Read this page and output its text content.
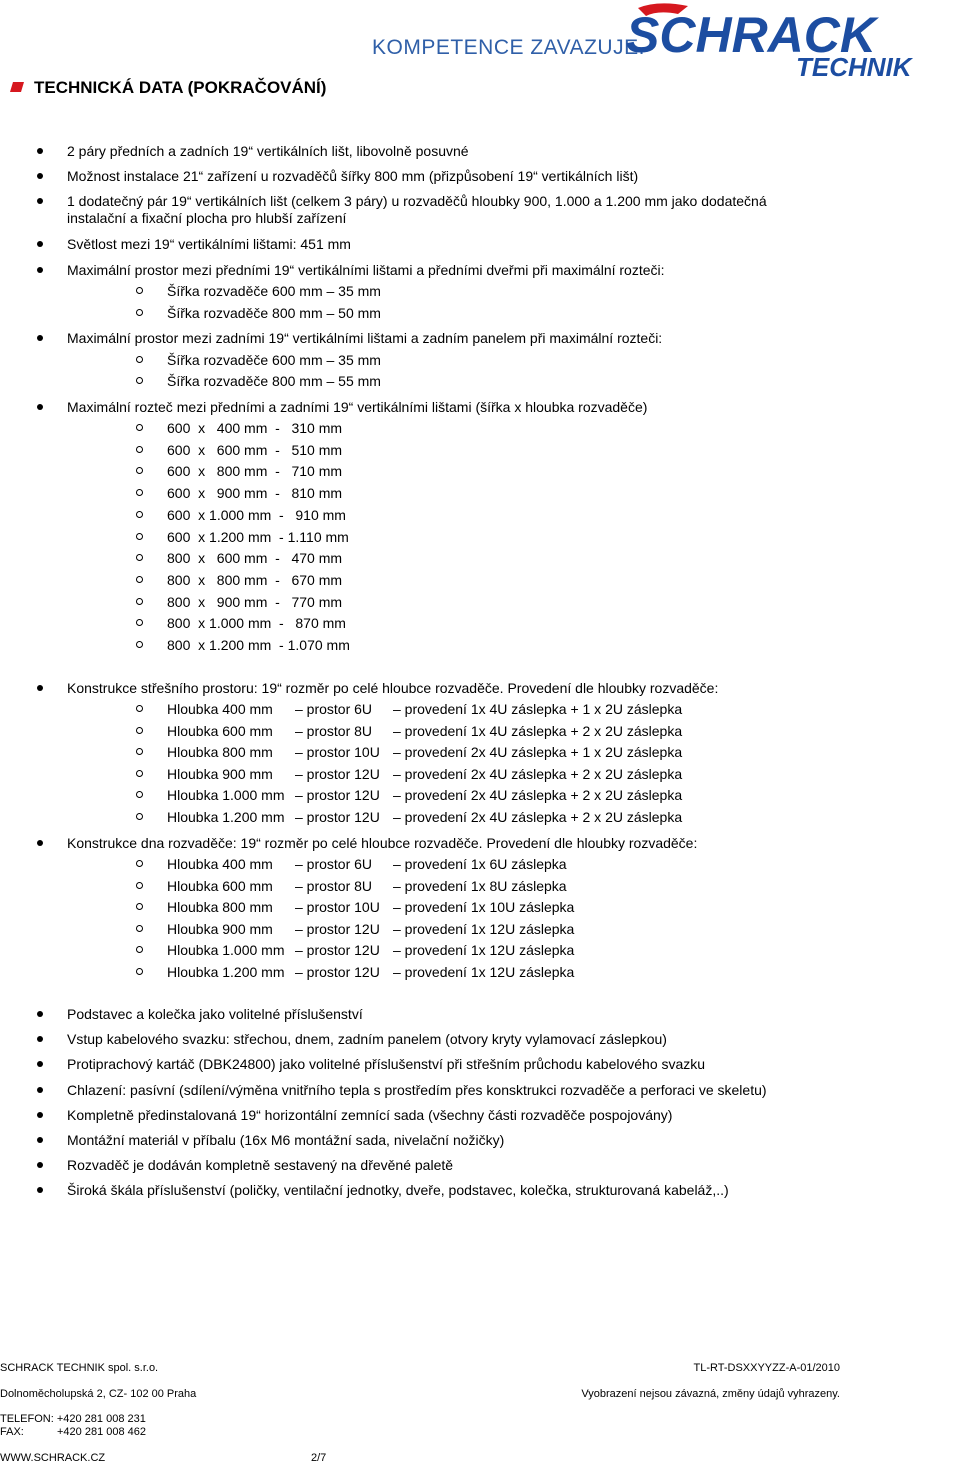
KOMPETENCE ZAVAZUJE.
SCHRACK
TECHNIK
TECHNICKÁ DATA (POKRAČOVÁNÍ)
2 páry předních a zadních 19“ vertikálních lišt, libovolně posuvné
Možnost instalace 21“ zařízení u rozvaděčů šířky 800 mm (přizpůsobení 19“ vertikálních lišt)
1 dodatečný pár 19“ vertikálních lišt (celkem 3 páry) u rozvaděčů hloubky 900, 1.000 a 1.200 mm jako dodatečná instalační a fixační plocha pro hlubší zařízení
Světlost mezi 19“ vertikálními lištami: 451 mm
Maximální prostor mezi předními 19“ vertikálními lištami a předními dveřmi při maximální rozteči:
Šířka rozvaděče 600 mm – 35 mm
Šířka rozvaděče 800 mm – 50 mm
Maximální prostor mezi zadními 19“ vertikálními lištami a zadním panelem při maximální rozteči:
Šířka rozvaděče 600 mm – 35 mm
Šířka rozvaděče 800 mm – 55 mm
Maximální rozteč mezi předními a zadními 19“ vertikálními lištami (šířka x hloubka rozvaděče)
600  x   400 mm  -   310 mm
600  x   600 mm  -   510 mm
600  x   800 mm  -   710 mm
600  x   900 mm  -   810 mm
600  x 1.000 mm  -   910 mm
600  x 1.200 mm  - 1.110 mm
800  x   600 mm  -   470 mm
800  x   800 mm  -   670 mm
800  x   900 mm  -   770 mm
800  x 1.000 mm  -   870 mm
800  x 1.200 mm  - 1.070 mm
Konstrukce střešního prostoru: 19“ rozměr po celé hloubce rozvaděče. Provedení dle hloubky rozvaděče:
Hloubka 400 mm – prostor 6U – provedení 1x 4U záslepka + 1 x 2U záslepka
Hloubka 600 mm – prostor 8U – provedení 1x 4U záslepka + 2 x 2U záslepka
Hloubka 800 mm – prostor 10U – provedení 2x 4U záslepka + 1 x 2U záslepka
Hloubka 900 mm – prostor 12U – provedení 2x 4U záslepka + 2 x 2U záslepka
Hloubka 1.000 mm – prostor 12U – provedení 2x 4U záslepka + 2 x 2U záslepka
Hloubka 1.200 mm – prostor 12U – provedení 2x 4U záslepka + 2 x 2U záslepka
Konstrukce dna rozvaděče: 19“ rozměr po celé hloubce rozvaděče. Provedení dle hloubky rozvaděče:
Hloubka 400 mm – prostor 6U – provedení 1x 6U záslepka
Hloubka 600 mm – prostor 8U – provedení 1x 8U záslepka
Hloubka 800 mm – prostor 10U – provedení 1x 10U záslepka
Hloubka 900 mm – prostor 12U – provedení 1x 12U záslepka
Hloubka 1.000 mm – prostor 12U – provedení 1x 12U záslepka
Hloubka 1.200 mm – prostor 12U – provedení 1x 12U záslepka
Podstavec a kolečka jako volitelné příslušenství
Vstup kabelového svazku: střechou, dnem, zadním panelem (otvory kryty vylamovací záslepkou)
Protiprachový kartáč (DBK24800) jako volitelné příslušenství při střešním průchodu kabelového svazku
Chlazení: pasívní (sdílení/výměna vnitřního tepla s prostředím přes konsktrukci rozvaděče a perforaci ve skeletu)
Kompletně předinstalovaná 19“ horizontální zemnící sada (všechny části rozvaděče pospojovány)
Montážní materiál v příbalu (16x M6 montážní sada, nivelační nožičky)
Rozvaděč je dodáván kompletně sestavený na dřevěné paletě
Široká škála příslušenství (poličky, ventilační jednotky, dveře, podstavec, kolečka, strukturovaná kabeláž,..)
SCHRACK TECHNIK spol. s.r.o.
Dolnoměcholupská 2, CZ- 102 00 Praha
TELEFON: +420 281 008 231
FAX:	+420 281 008 462
WWW.SCHRACK.CZ	2/7
TL-RT-DSXXYYZZ-A-01/2010
Vyobrazení nejsou závazná, změny údajů vyhrazeny.
